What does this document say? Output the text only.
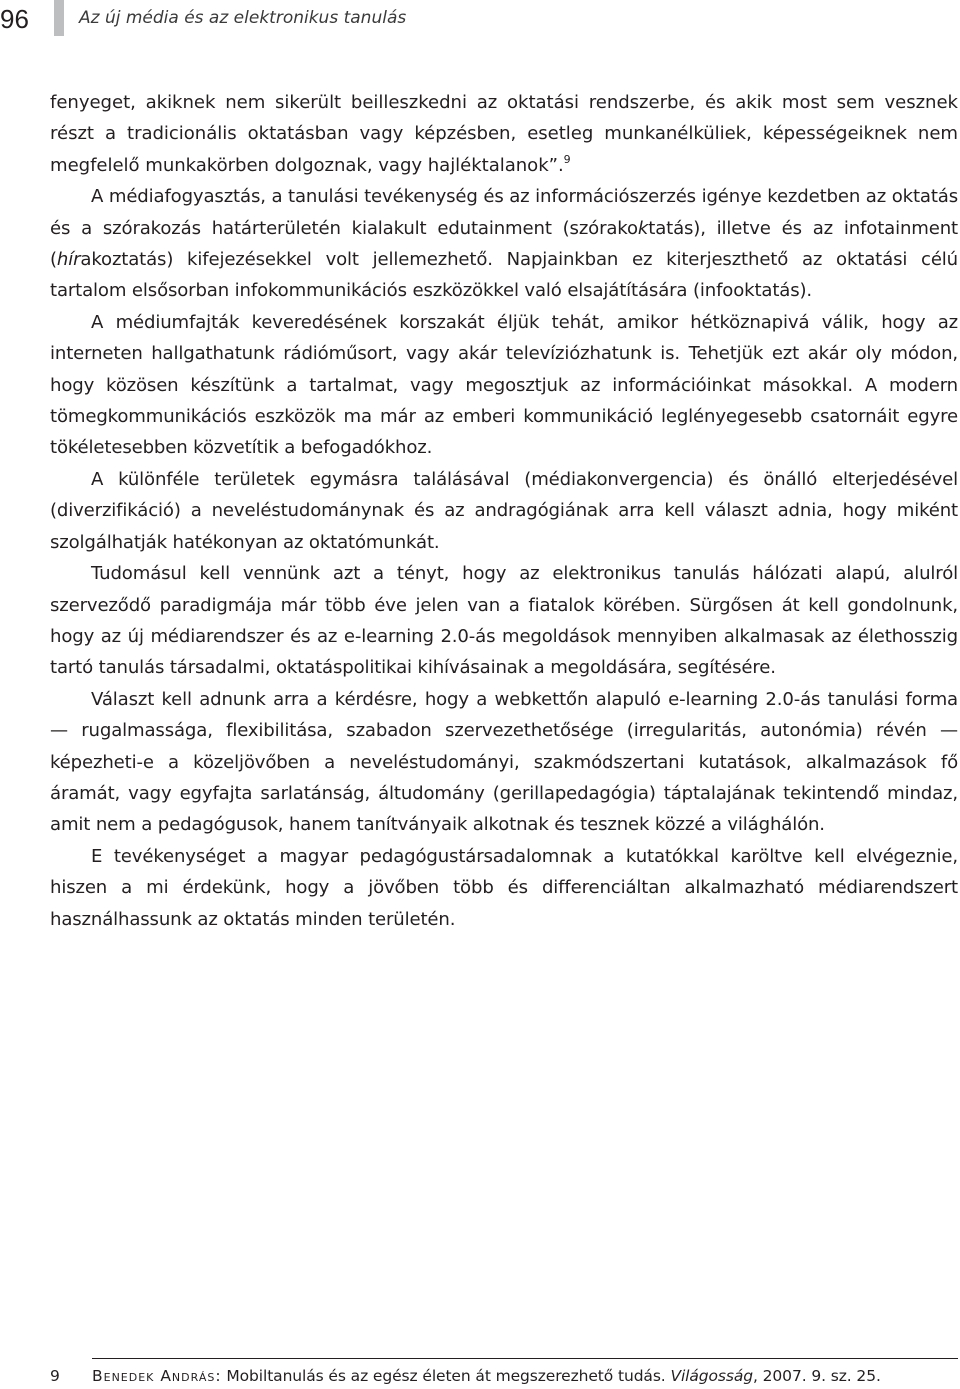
96	Az új média és az elektronikus tanulás

fenyeget, akiknek nem sikerült beilleszkedni az oktatási rendszerbe, és akik most sem vesznek részt a tradicionális oktatásban vagy képzésben, esetleg munkanélküliek, képességeiknek nem megfelelő munkakörben dolgoznak, vagy hajléktalanok”.$^9$

A médiafogyasztás, a tanulási tevékenység és az információszerzés igénye kezdetben az oktatás és a szórakozás határterületén kialakult edutainment (szórakoktatás), illetve és az infotainment (hírakoztatás) kifejezésekkel volt jellemezhető. Napjainkban ez kiterjeszthető az oktatási célú tartalom elsősorban infokommunikációs eszközökkel való elsajátítására (infooktatás).

A médiumfajták keveredésének korszakát éljük tehát, amikor hétköznapivá válik, hogy az interneten hallgathatunk rádióműsort, vagy akár televíziózhatunk is. Tehetjük ezt akár oly módon, hogy közösen készítünk a tartalmat, vagy megosztjuk az információinkat másokkal. A modern tömegkommunikációs eszközök ma már az emberi kommunikáció leglényegesebb csatornáit egyre tökéletesebben közvetítik a befogadókhoz.

A különféle területek egymásra találásával (médiakonvergencia) és önálló elterjedésével (diverzifikáció) a neveléstudománynak és az andragógiának arra kell választ adnia, hogy miként szolgálhatják hatékonyan az oktatómunkát.

Tudomásul kell vennünk azt a tényt, hogy az elektronikus tanulás hálózati alapú, alulról szerveződő paradigmája már több éve jelen van a fiatalok körében. Sürgősen át kell gondolnunk, hogy az új médiarendszer és az e-learning 2.0-ás megoldások mennyiben alkalmasak az élethosszig tartó tanulás társadalmi, oktatáspolitikai kihívásainak a megoldására, segítésére.

Választ kell adnunk arra a kérdésre, hogy a webkettőn alapuló e-learning 2.0-ás tanulási forma — rugalmassága, flexibilitása, szabadon szervezethetősége (irregularitás, autonómia) révén — képezheti-e a közeljövőben a neveléstudományi, szakmódszertani kutatások, alkalmazások fő áramát, vagy egyfajta sarlatánság, áltudomány (gerillapedagógia) táptalajának tekintendő mindaz, amit nem a pedagógusok, hanem tanítványaik alkotnak és tesznek közzé a világhálón.

E tevékenységet a magyar pedagógustársadalomnak a kutatókkal karöltve kell elvégeznie, hiszen a mi érdekünk, hogy a jövőben több és differenciáltan alkalmazható médiarendszert használhassunk az oktatás minden területén.

9 Benedek András: Mobiltanulás és az egész életen át megszerezhető tudás. Világosság, 2007. 9. sz. 25.
